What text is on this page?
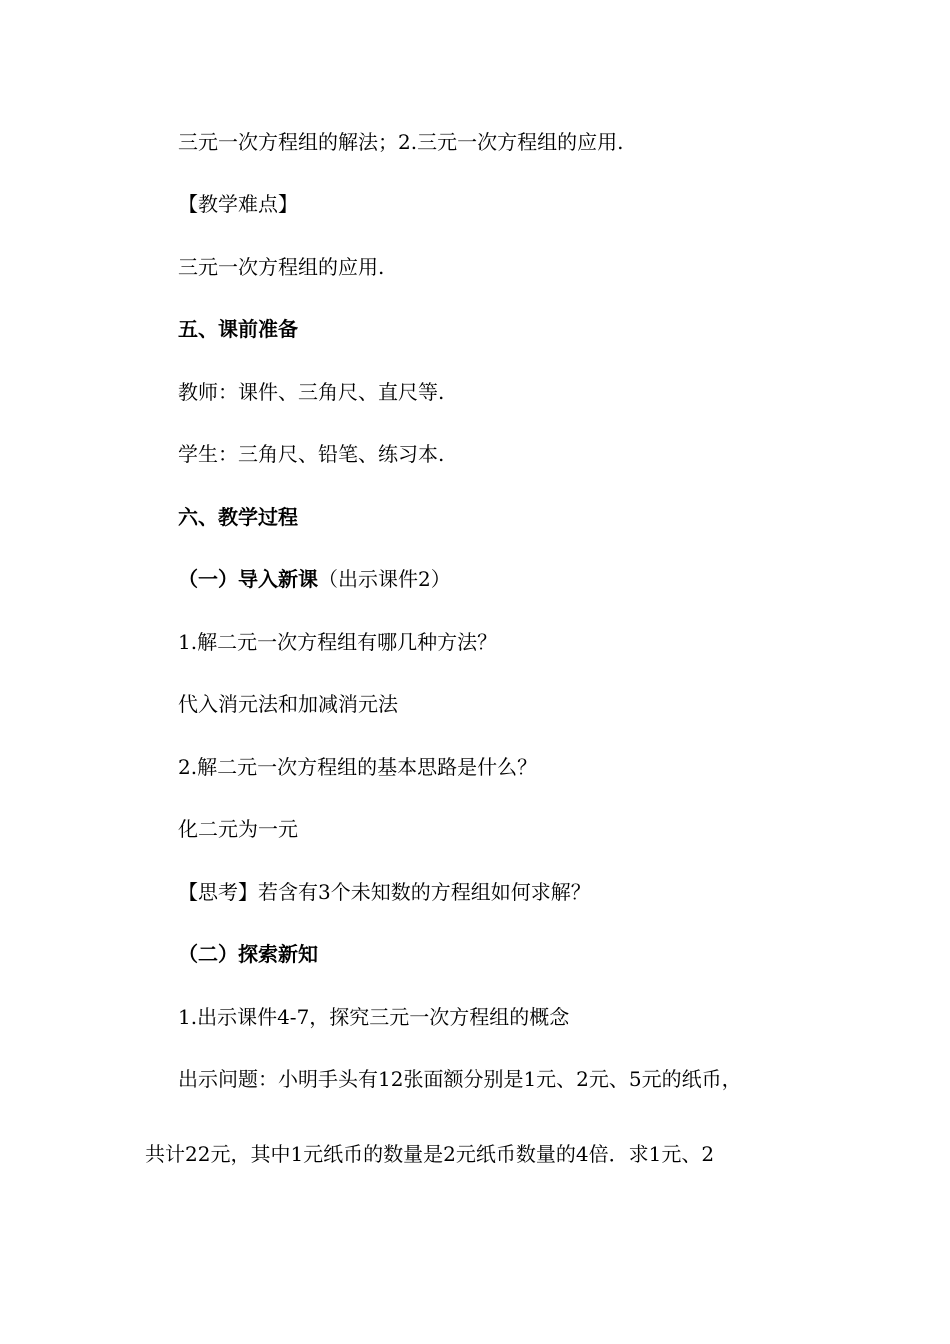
三元一次方程组的解法；2.三元一次方程组的应用.
【教学难点】
三元一次方程组的应用.
五、课前准备
教师：课件、三角尺、直尺等.
学生：三角尺、铅笔、练习本.
六、教学过程
（一）导入新课（出示课件2）
1.解二元一次方程组有哪几种方法？
代入消元法和加减消元法
2.解二元一次方程组的基本思路是什么？
化二元为一元
【思考】若含有3个未知数的方程组如何求解？
（二）探索新知
1.出示课件4-7，探究三元一次方程组的概念
出示问题：小明手头有12张面额分别是1元、2元、5元的纸币，
共计22元，其中1元纸币的数量是2元纸币数量的4倍．求1元、2
